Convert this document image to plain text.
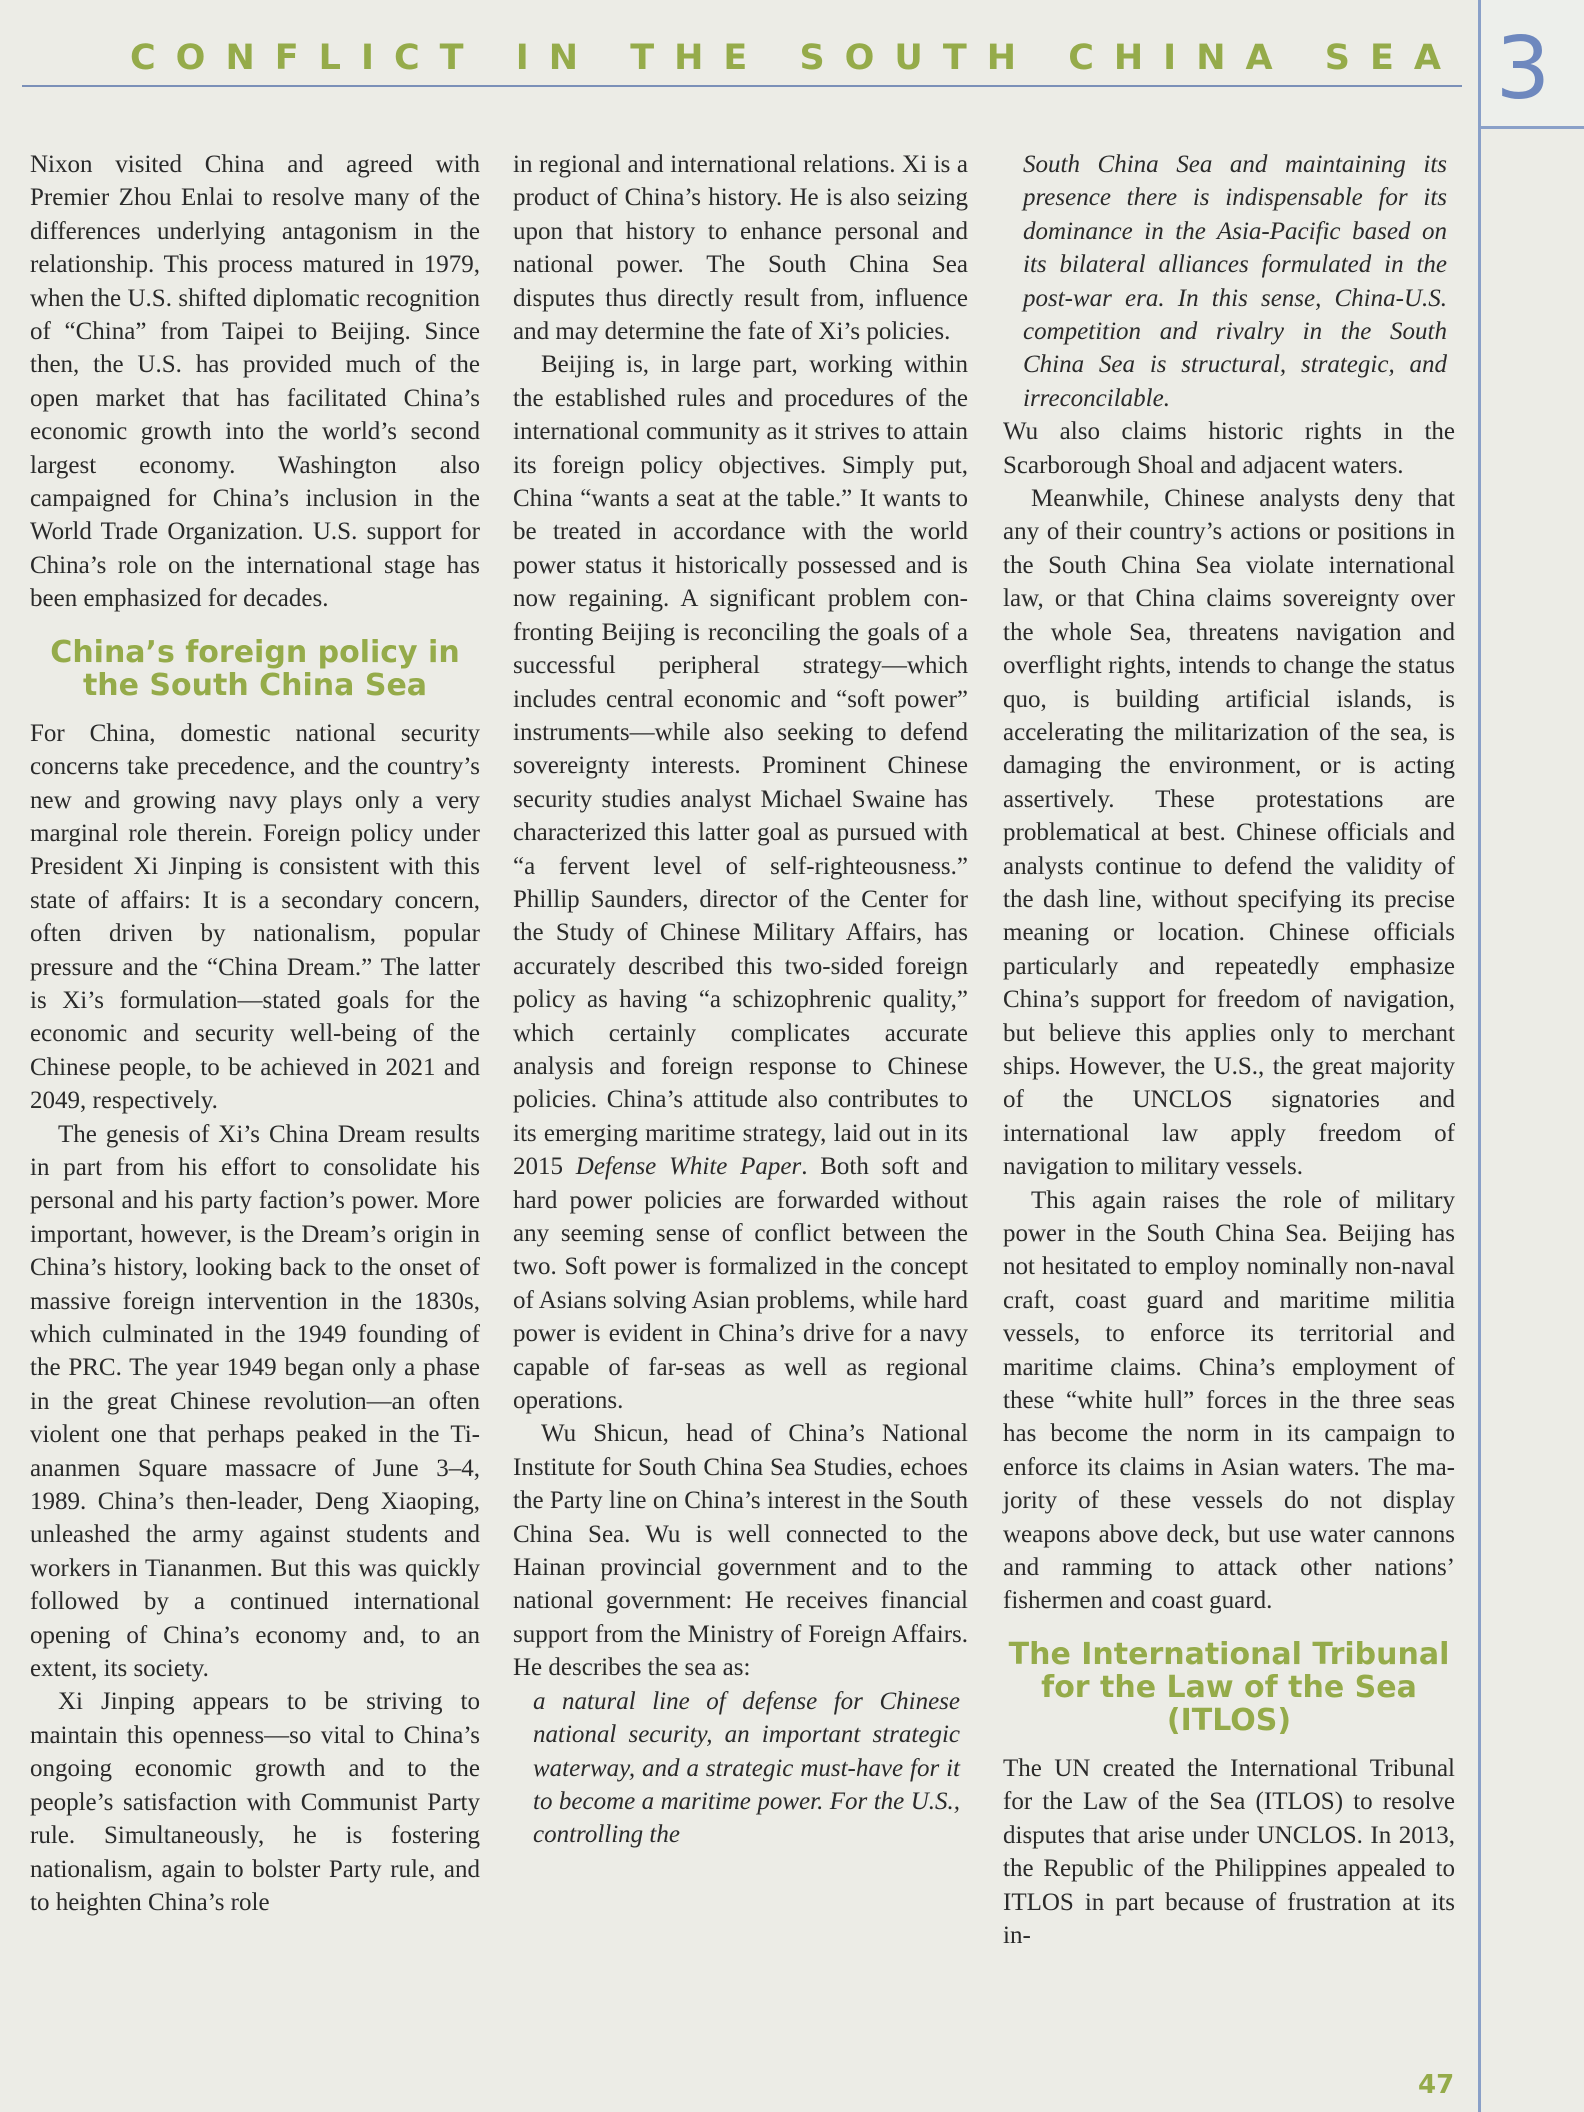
CONFLICT IN THE SOUTH CHINA SEA 3

Nixon visited China and agreed with Premier Zhou Enlai to resolve many of the differences underlying antagonism in the relationship. This process matured in 1979, when the U.S. shifted diplomatic recognition of “China” from Taipei to Beijing. Since then, the U.S. has provided much of the open market that has facilitated China’s economic growth into the world’s second largest economy. Washington also campaigned for China’s inclusion in the World Trade Organization. U.S. support for China’s role on the international stage has been emphasized for decades.

China’s foreign policy in the South China Sea

For China, domestic national security concerns take precedence, and the country’s new and growing navy plays only a very marginal role therein. Foreign policy under President Xi Jinping is consistent with this state of affairs: It is a secondary concern, often driven by nationalism, popular pressure and the “China Dream.” The latter is Xi’s formulation—stated goals for the economic and security well-being of the Chinese people, to be achieved in 2021 and 2049, respectively.

The genesis of Xi’s China Dream results in part from his effort to consolidate his personal and his party faction’s power. More important, however, is the Dream’s origin in China’s history, looking back to the onset of massive foreign intervention in the 1830s, which culminated in the 1949 founding of the PRC. The year 1949 began only a phase in the great Chinese revolution—an often violent one that perhaps peaked in the Tiananmen Square massacre of June 3–4, 1989. China’s then-leader, Deng Xiaoping, unleashed the army against students and workers in Tiananmen. But this was quickly followed by a continued international opening of China’s economy and, to an extent, its society.

Xi Jinping appears to be striving to maintain this openness—so vital to China’s ongoing economic growth and to the people’s satisfaction with Communist Party rule. Simultaneously, he is fostering nationalism, again to bolster Party rule, and to heighten China’s role

in regional and international relations. Xi is a product of China’s history. He is also seizing upon that history to enhance personal and national power. The South China Sea disputes thus directly result from, influence and may determine the fate of Xi’s policies.

Beijing is, in large part, working within the established rules and procedures of the international community as it strives to attain its foreign policy objectives. Simply put, China “wants a seat at the table.” It wants to be treated in accordance with the world power status it historically possessed and is now regaining. A significant problem confronting Beijing is reconciling the goals of a successful peripheral strategy—which includes central economic and “soft power” instruments—while also seeking to defend sovereignty interests. Prominent Chinese security studies analyst Michael Swaine has characterized this latter goal as pursued with “a fervent level of self-righteousness.” Phillip Saunders, director of the Center for the Study of Chinese Military Affairs, has accurately described this two-sided foreign policy as having “a schizophrenic quality,” which certainly complicates accurate analysis and foreign response to Chinese policies. China’s attitude also contributes to its emerging maritime strategy, laid out in its 2015 Defense White Paper. Both soft and hard power policies are forwarded without any seeming sense of conflict between the two. Soft power is formalized in the concept of Asians solving Asian problems, while hard power is evident in China’s drive for a navy capable of far-seas as well as regional operations.

Wu Shicun, head of China’s National Institute for South China Sea Studies, echoes the Party line on China’s interest in the South China Sea. Wu is well connected to the Hainan provincial government and to the national government: He receives financial support from the Ministry of Foreign Affairs. He describes the sea as:

a natural line of defense for Chinese national security, an important strategic waterway, and a strategic must-have for it to become a maritime power. For the U.S., controlling the

South China Sea and maintaining its presence there is indispensable for its dominance in the Asia-Pacific based on its bilateral alliances formulated in the post-war era. In this sense, China-U.S. competition and rivalry in the South China Sea is structural, strategic, and irreconcilable.

Wu also claims historic rights in the Scarborough Shoal and adjacent waters.

Meanwhile, Chinese analysts deny that any of their country’s actions or positions in the South China Sea violate international law, or that China claims sovereignty over the whole Sea, threatens navigation and overflight rights, intends to change the status quo, is building artificial islands, is accelerating the militarization of the sea, is damaging the environment, or is acting assertively. These protestations are problematical at best. Chinese officials and analysts continue to defend the validity of the dash line, without specifying its precise meaning or location. Chinese officials particularly and repeatedly emphasize China’s support for freedom of navigation, but believe this applies only to merchant ships. However, the U.S., the great majority of the UNCLOS signatories and international law apply freedom of navigation to military vessels.

This again raises the role of military power in the South China Sea. Beijing has not hesitated to employ nominally non-naval craft, coast guard and maritime militia vessels, to enforce its territorial and maritime claims. China’s employment of these “white hull” forces in the three seas has become the norm in its campaign to enforce its claims in Asian waters. The majority of these vessels do not display weapons above deck, but use water cannons and ramming to attack other nations’ fishermen and coast guard.

The International Tribunal for the Law of the Sea (ITLOS)

The UN created the International Tribunal for the Law of the Sea (ITLOS) to resolve disputes that arise under UNCLOS. In 2013, the Republic of the Philippines appealed to ITLOS in part because of frustration at its in-

47
